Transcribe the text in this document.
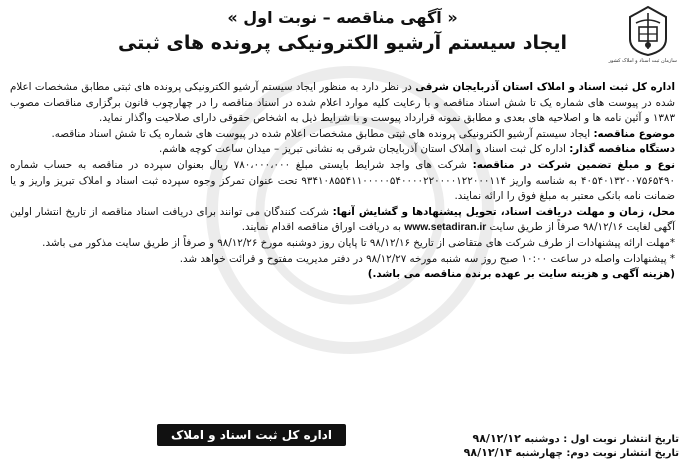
سازمان ثبت اسناد و املاک کشور
« آگهی مناقصه – نوبت اول »
ایجاد سیستم آرشیو الکترونیکی پرونده های ثبتی

اداره کل ثبت اسناد و املاک استان آذربایجان شرقی در نظر دارد به منظور ایجاد سیستم آرشیو الکترونیکی پرونده های ثبتی مطابق مشخصات اعلام شده در پیوست های شماره یک تا شش اسناد مناقصه و با رعایت کلیه موارد اعلام شده در اسناد مناقصه را در چهارچوب قانون برگزاری مناقصات مصوب ۱۳۸۳ و آئین نامه ها و اصلاحیه های بعدی و مطابق نمونه قرارداد پیوست و با شرایط ذیل به اشخاص حقوقی دارای صلاحیت واگذار نماید.

موضوع مناقصه: ایجاد سیستم آرشیو الکترونیکی پرونده های ثبتی مطابق مشخصات اعلام شده در پیوست های شماره یک تا شش اسناد مناقصه.

دستگاه مناقصه گذار: اداره کل ثبت اسناد و املاک استان آذربایجان شرقی به نشانی تبریز – میدان ساعت کوچه هاشم.

نوع و مبلغ تضمین شرکت در مناقصه: شرکت های واجد شرایط بایستی مبلغ ۷۸۰،۰۰۰،۰۰۰ ریال بعنوان سپرده در مناقصه به حساب شماره ۴۰۵۴۰۱۳۲۰۰۷۵۶۵۴۹۰ به شناسه واریز ۹۳۴۱۰۸۵۵۴۱۱۰۰۰۰۰۵۴۰۰۰۰۲۲۰۰۰۰۱۲۲۰۰۰۱۱۴ تحت عنوان تمرکز وجوه سپرده ثبت اسناد و املاک تبریز واریز و یا ضمانت نامه بانکی معتبر به مبلغ فوق را ارائه نمایند.

محل، زمان و مهلت دریافت اسناد، تحویل پیشنهادها و گشایش آنها: شرکت کنندگان می توانند برای دریافت اسناد مناقصه از تاریخ انتشار اولین آگهی لغایت ۹۸/۱۲/۱۶ صرفاً از طریق سایت www.setadiran.ir به دریافت اوراق مناقصه اقدام نمایند.

*مهلت ارائه پیشنهادات از طرف شرکت های متقاضی از تاریخ ۹۸/۱۲/۱۶ تا پایان روز دوشنبه مورخ ۹۸/۱۲/۲۶ و صرفاً از طریق سایت مذکور می باشد.

* پیشنهادات واصله در ساعت ۱۰:۰۰ صبح روز سه شنبه مورخه ۹۸/۱۲/۲۷ در دفتر مدیریت مفتوح و قرائت خواهد شد.

(هزینه آگهی و هزینه سایت بر عهده برنده مناقصه می باشد.)

اداره کل ثبت اسناد و املاک استان آذربایجان شرقی
تاریخ انتشار نوبت اول : دوشنبه ۹۸/۱۲/۱۲
تاریخ انتشار نوبت دوم: چهارشنبه ۹۸/۱۲/۱۴
